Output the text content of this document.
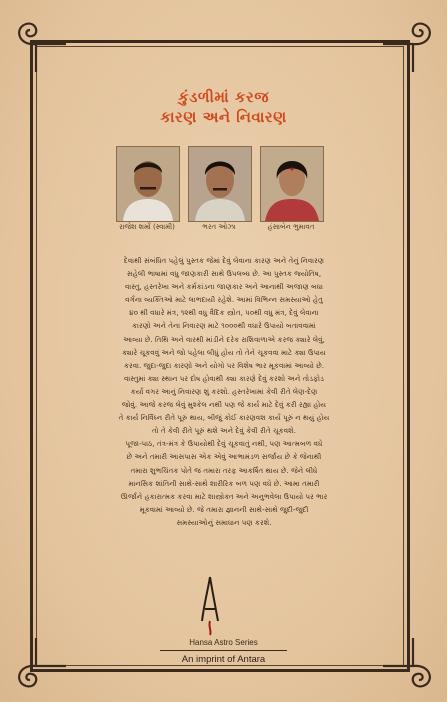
કુંડળીમાં કરજ
કારણ અને નિવારણ
રાજેશ શર્મા (સ્વામી)	ભરત ઓઝા	હંસાબેન ભુમાવત

દેવાથી સંબંધિત પહેલું પુસ્તક જેમાં દેવું લેવાના કારણ અને તેનું નિવારણ

સહેલી ભાષામાં વધુ જાણકારી સાથે ઉપલબ્ધ છે. આ પુસ્તક જ્યોતિષ,

વાસ્તુ, હસ્તરેખા અને કર્મકાંડના જાણકાર અને આનાથી અજાણ બધા

વર્ગના વ્યક્તિઓ માટે લાભદાયી રહેશે. આમાં વિભિન્ન સમસ્યાઓ હેતુ

૪૦ થી વધારે મંત્ર, ૧૨થી વધુ વૈદિક સ્ત્રોત, ૫૦થી વધુ મંત્ર, દેવું લેવાના

કારણો અને તેના નિવારણ માટે ૧૦૦૦થી વધારે ઉપાયો બતાવવામાં

આવ્યા છે. તિથિ અને વારથી માંડીને દરેક રાશિવાળાએ કરજ ક્યારે લેવું,

ક્યારે ચૂકવવું અને જો પહેલા લીધું હોય તો તેને ચૂકવવા માટે ક્યા ઉપાય

કરવા. જુદા-જુદા કારણો અને યોગો પર વિશેષ ભાર મૂકવામાં આવ્યો છે.

વાસ્તુમાં ક્યા સ્થાન પર દોષ હોવાથી ક્યા કારણે દેવું કરશો અને તોડફોડ

કર્યા વગર આનું નિવારણ શું કરશો. હસ્તરેખામાં કેવી રીતે લેણ-દેણ

જોવું. આજે કરજ લેવું મુશ્કેલ નથી પણ જે કાર્ય માટે દેવું કરી રહ્યા હોય

તે કાર્ય નિર્વિઘ્ન રીતે પૂરું થાય, બીજું કોઈ કારણવશ કાર્ય પૂરું ન થયું હોય

તો તે કેવી રીતે પૂરું થશે અને દેવું કેવી રીતે ચૂકવશે.

પૂજા-પાઠ, તંત્ર-મંત્ર કે ઉપાયોથી દેવું ચૂકવાતું નથી, પણ આત્મબળ વધે

છે અને તમારી આસપાસ એક એવું આભામંડળ સર્જાય છે કે જેનાથી

તમારા શુભચિંતક પોતે જ તમારા તરફ આકર્ષિત થાય છે. જેને લીધે

માનસિક શાંતિની સાથે-સાથે શારીરિક બળ પણ વધે છે. આમા તમારી

ઊર્જાને હકારાત્મક કરવા માટે શાસ્ત્રોક્ત અને અનુભવેલા ઉપાયો પર ભાર

મૂકવામાં આવ્યો છે. જે તમારા જ્ઞાનની સાથે-સાથે જુદી-જુદી

સમસ્યાઓનું સમાધાન પણ કરશે.

Hansa Astro Series
An imprint of Antara
